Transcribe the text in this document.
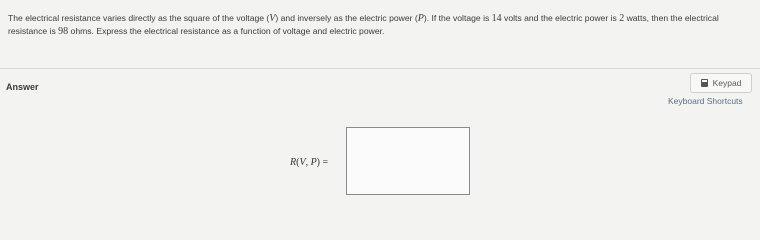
The electrical resistance varies directly as the square of the voltage (V) and inversely as the electric power (P). If the voltage is 14 volts and the electric power is 2 watts, then the electrical resistance is 98 ohms. Express the electrical resistance as a function of voltage and electric power.
Answer	Keypad
Keyboard Shortcuts
R(V, P) =
